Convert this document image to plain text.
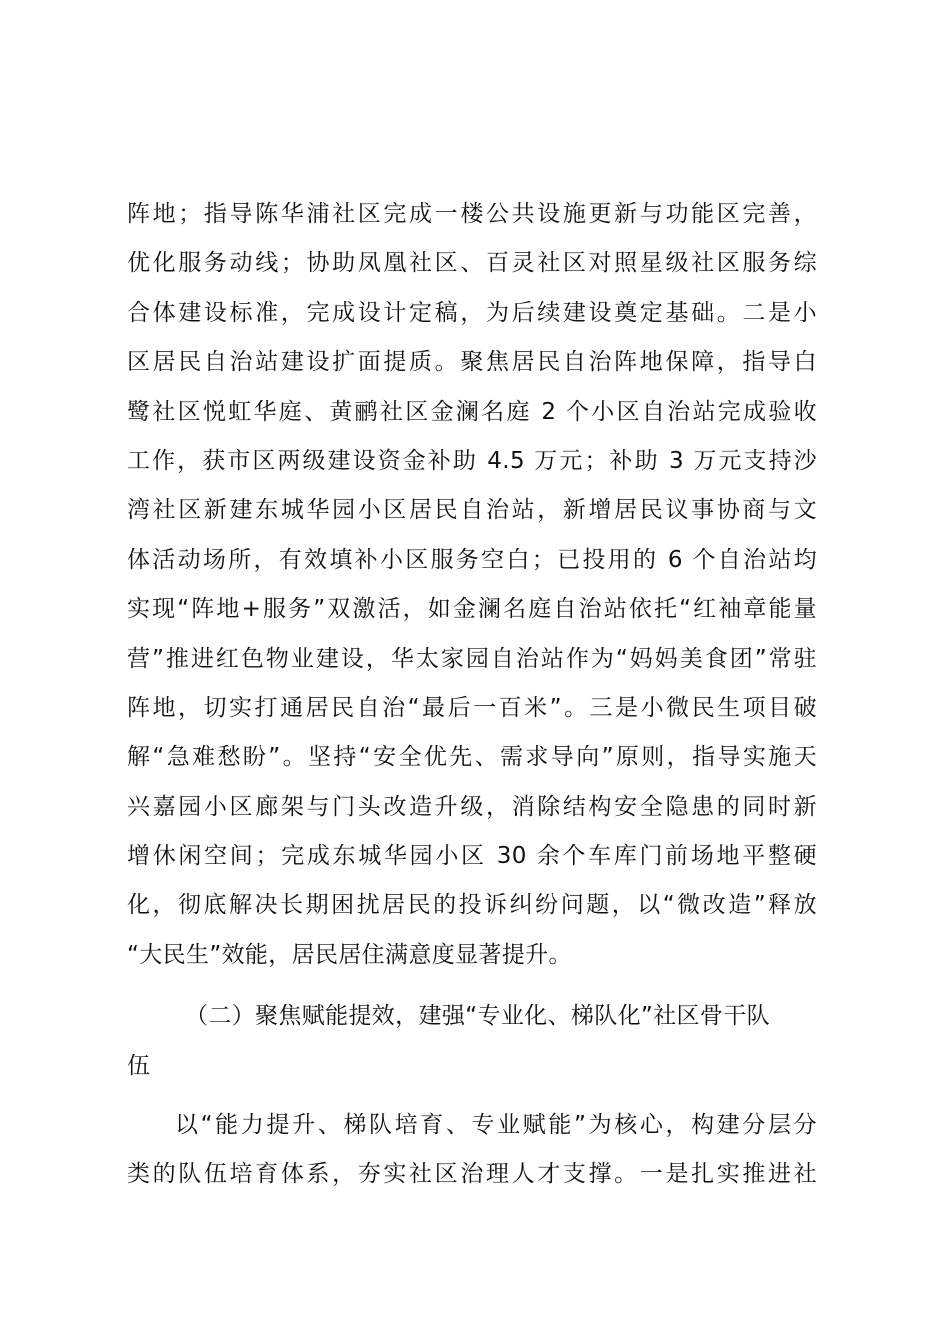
阵地；指导陈华浦社区完成一楼公共设施更新与功能区完善，
优化服务动线；协助凤凰社区、百灵社区对照星级社区服务综
合体建设标准，完成设计定稿，为后续建设奠定基础。二是小
区居民自治站建设扩面提质。聚焦居民自治阵地保障，指导白
鹭社区悦虹华庭、黄鹂社区金澜名庭 2 个小区自治站完成验收
工作，获市区两级建设资金补助 4.5 万元；补助 3 万元支持沙
湾社区新建东城华园小区居民自治站，新增居民议事协商与文
体活动场所，有效填补小区服务空白；已投用的 6 个自治站均
实现“阵地+服务”双激活，如金澜名庭自治站依托“红袖章能量
营”推进红色物业建设，华太家园自治站作为“妈妈美食团”常驻
阵地，切实打通居民自治“最后一百米”。三是小微民生项目破
解“急难愁盼”。坚持“安全优先、需求导向”原则，指导实施天
兴嘉园小区廊架与门头改造升级，消除结构安全隐患的同时新
增休闲空间；完成东城华园小区 30 余个车库门前场地平整硬
化，彻底解决长期困扰居民的投诉纠纷问题，以“微改造”释放
“大民生”效能，居民居住满意度显著提升。
（二）聚焦赋能提效，建强“专业化、梯队化”社区骨干队
伍
以“能力提升、梯队培育、专业赋能”为核心，构建分层分
类的队伍培育体系，夯实社区治理人才支撑。一是扎实推进社
